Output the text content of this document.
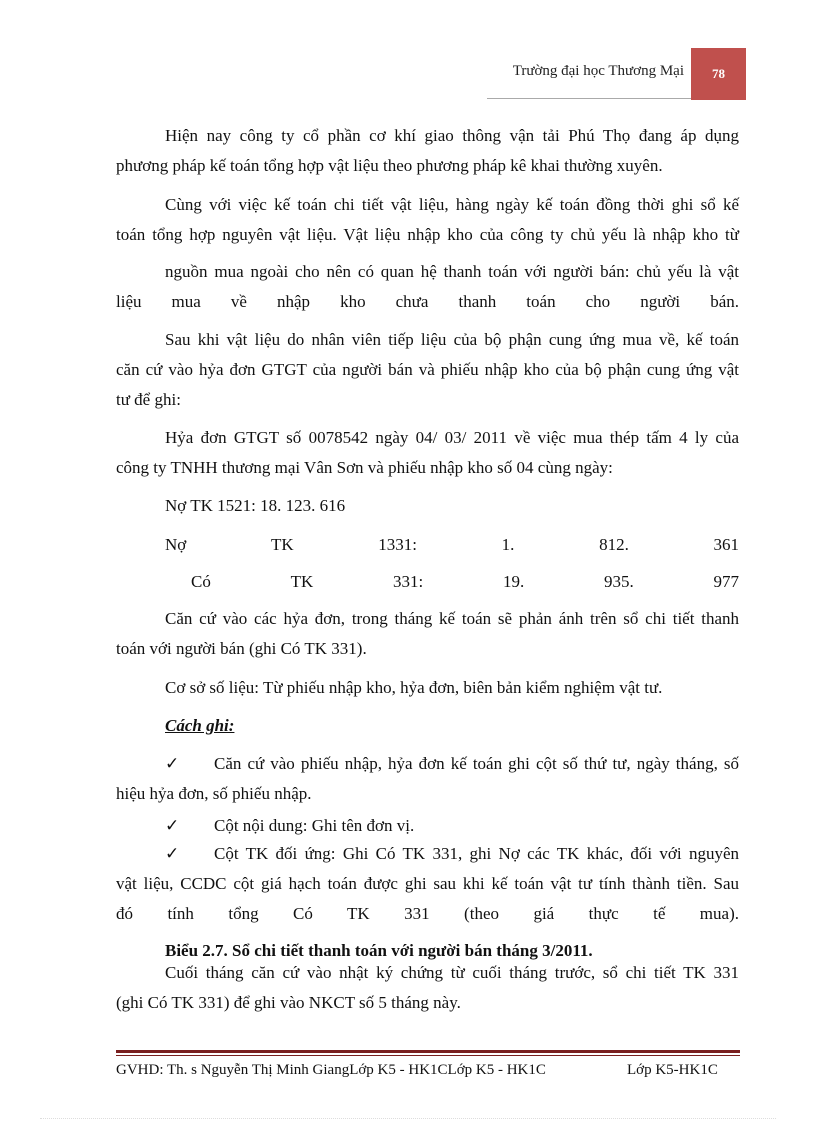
Trường đại học Thương Mại	78

Hiện nay công ty cổ phần cơ khí giao thông vận tải Phú Thọ đang áp dụng

phương pháp kế toán tổng hợp vật liệu theo phương pháp kê khai thường xuyên.

Cùng với việc kế toán chi tiết vật liệu, hàng ngày kế toán đồng thời ghi sổ kế

toán tổng hợp nguyên vật liệu. Vật liệu nhập kho của công ty chủ yếu là nhập kho từ

nguồn mua ngoài cho nên có quan hệ thanh toán với người bán: chủ yếu là vật

liệu mua về nhập kho chưa thanh toán cho người bán.

Sau khi vật liệu do nhân viên tiếp liệu của bộ phận cung ứng mua về, kế toán

căn cứ vào hỷa đơn GTGT của người bán và phiếu nhập kho của bộ phận cung ứng vật

tư để ghi:

Hỷa đơn GTGT số 0078542 ngày 04/ 03/ 2011 về việc mua thép tấm 4 ly của

công ty TNHH thương mại Vân Sơn và phiếu nhập kho số 04 cùng ngày:

Nợ TK 1521: 18. 123. 616

Nợ	TK	1331:	1.	812.	361
Có	TK	331:	19.	935.	977

Căn cứ vào các hỷa đơn, trong tháng kế toán sẽ phản ánh trên sổ chi tiết thanh

toán với người bán (ghi Có TK 331).

Cơ sở số liệu: Từ phiếu nhập kho, hỷa đơn, biên bản kiểm nghiệm vật tư.

Cách ghi:

✓ Căn cứ vào phiếu nhập, hỷa đơn kế toán ghi cột số thứ tư, ngày tháng, số

hiệu hỷa đơn, số phiếu nhập.

✓ Cột nội dung: Ghi tên đơn vị.

✓ Cột TK đối ứng: Ghi Có TK 331, ghi Nợ các TK khác, đối với nguyên

vật liệu, CCDC cột giá hạch toán được ghi sau khi kế toán vật tư tính thành tiền. Sau

đó tính tổng Có TK 331 (theo giá thực tế mua).

Biểu 2.7. Sổ chi tiết thanh toán với người bán tháng 3/2011.

Cuối tháng căn cứ vào nhật ký chứng từ cuối tháng trước, sổ chi tiết TK 331

(ghi Có TK 331) để ghi vào NKCT số 5 tháng này.

GVHD: Th. s Nguyễn Thị Minh GiangLớp K5 - HK1CLớp K5 - HK1C	Lớp K5-HK1C
